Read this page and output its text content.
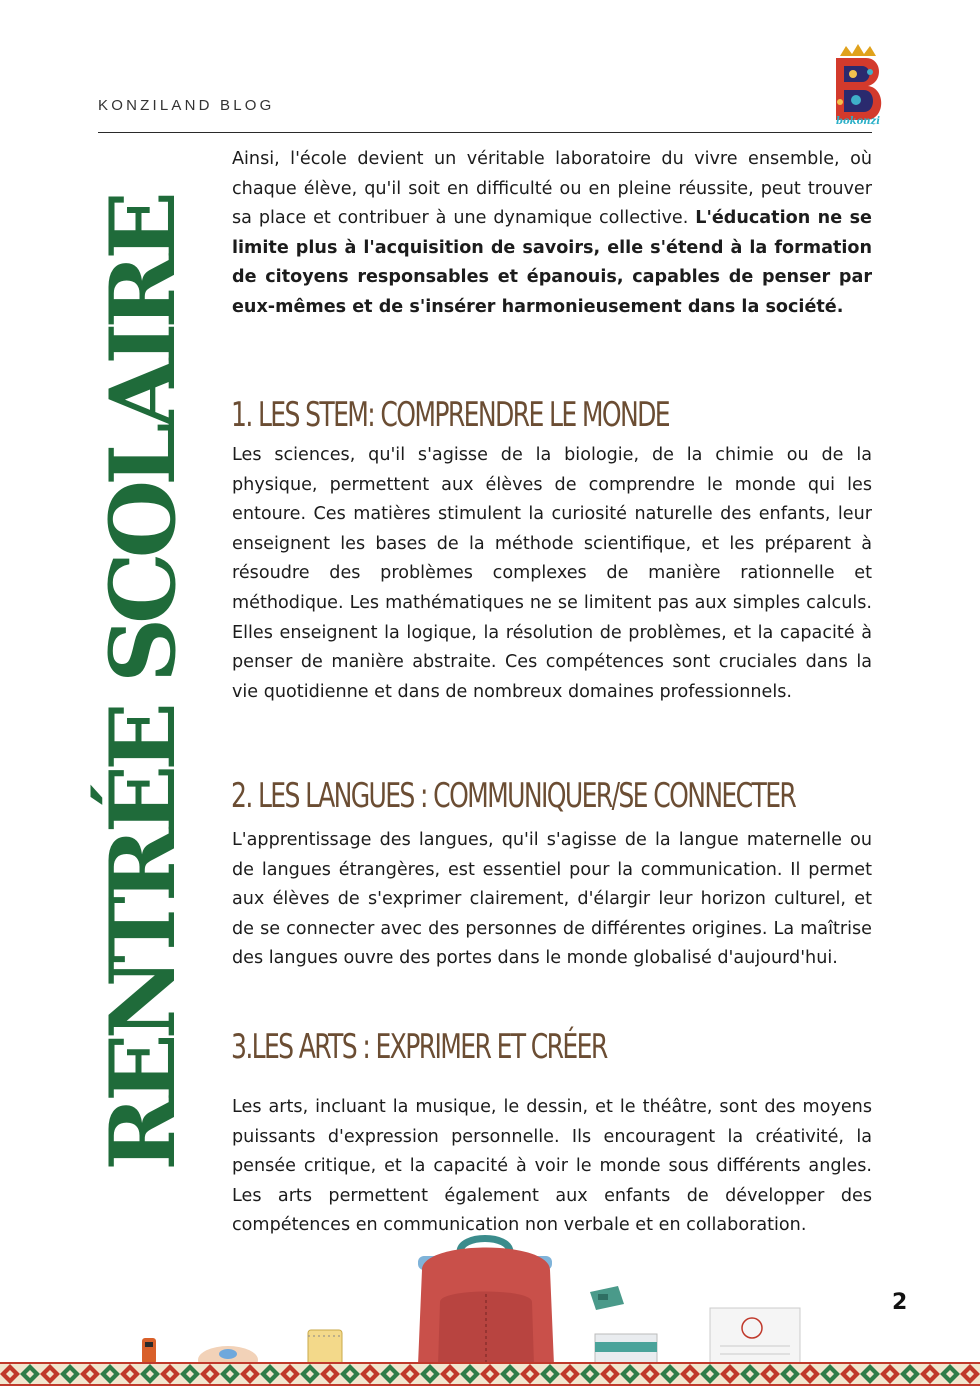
KONZILAND BLOG
bokonzi
RENTRÉE SCOLAIRE

Ainsi, l'école devient un véritable laboratoire du vivre ensemble, où chaque élève, qu'il soit en difficulté ou en pleine réussite, peut trouver sa place et contribuer à une dynamique collective. L'éducation ne se limite plus à l'acquisition de savoirs, elle s'étend à la formation de citoyens responsables et épanouis, capables de penser par eux-mêmes et de s'insérer harmonieusement dans la société.

1. LES STEM: COMPRENDRE LE MONDE

Les sciences, qu'il s'agisse de la biologie, de la chimie ou de la physique, permettent aux élèves de comprendre le monde qui les entoure. Ces matières stimulent la curiosité naturelle des enfants, leur enseignent les bases de la méthode scientifique, et les préparent à résoudre des problèmes complexes de manière rationnelle et méthodique. Les mathématiques ne se limitent pas aux simples calculs. Elles enseignent la logique, la résolution de problèmes, et la capacité à penser de manière abstraite. Ces compétences sont cruciales dans la vie quotidienne et dans de nombreux domaines professionnels.

2. LES LANGUES : COMMUNIQUER/SE CONNECTER

L'apprentissage des langues, qu'il s'agisse de la langue maternelle ou de langues étrangères, est essentiel pour la communication. Il permet aux élèves de s'exprimer clairement, d'élargir leur horizon culturel, et de se connecter avec des personnes de différentes origines. La maîtrise des langues ouvre des portes dans le monde globalisé d'aujourd'hui.

3.LES ARTS : EXPRIMER ET CRÉER

Les arts, incluant la musique, le dessin, et le théâtre, sont des moyens puissants d'expression personnelle. Ils encouragent la créativité, la pensée critique, et la capacité à voir le monde sous différents angles. Les arts permettent également aux enfants de développer des compétences en communication non verbale et en collaboration.

2
